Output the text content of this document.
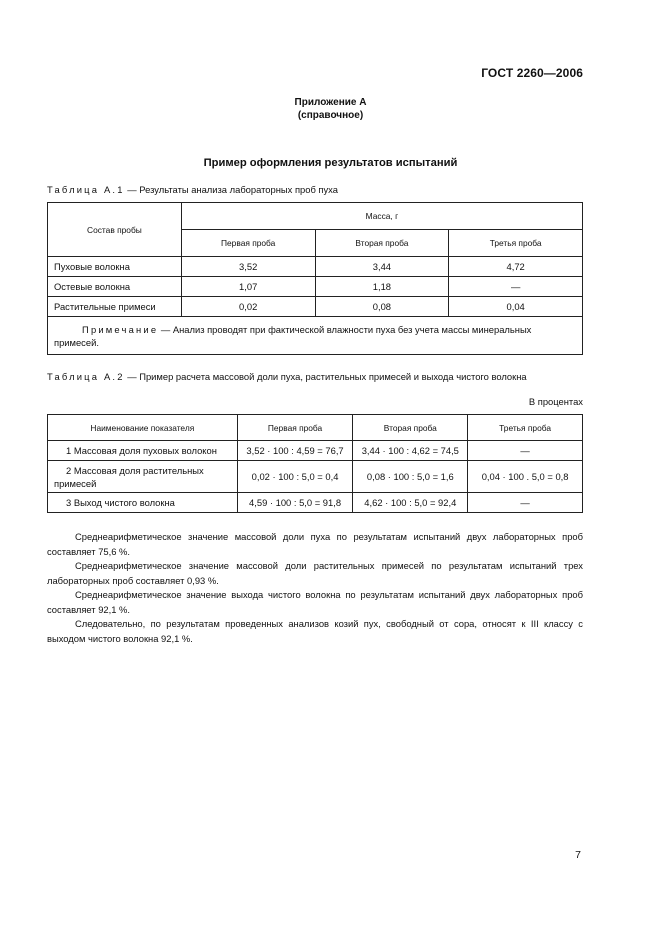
ГОСТ 2260—2006
Приложение А
(справочное)
Пример оформления результатов испытаний
Таблица А.1 — Результаты анализа лабораторных проб пуха
Состав пробы	Масса, г		
	Первая проба	Вторая проба	Третья проба
Пуховые волокна	3,52	3,44	4,72
Остевые волокна	1,07	1,18	—
Растительные примеси	0,02	0,08	0,04
Примечание — Анализ проводят при фактической влажности пуха без учета массы минеральных примесей.			
Таблица А.2 — Пример расчета массовой доли пуха, растительных примесей и выхода чистого волокна
В процентах
Наименование показателя	Первая проба	Вторая проба	Третья проба
1 Массовая доля пуховых волокон	3,52 · 100 : 4,59 = 76,7	3,44 · 100 : 4,62 = 74,5	—
2 Массовая доля растительных примесей	0,02 · 100 : 5,0 = 0,4	0,08 · 100 : 5,0 = 1,6	0,04 · 100 . 5,0 = 0,8
3 Выход чистого волокна	4,59 · 100 : 5,0 = 91,8	4,62 · 100 : 5,0 = 92,4	—

Среднеарифметическое значение массовой доли пуха по результатам испытаний двух лабораторных проб составляет 75,6 %.

Среднеарифметическое значение массовой доли растительных примесей по результатам испытаний трех лабораторных проб составляет 0,93 %.

Среднеарифметическое значение выхода чистого волокна по результатам испытаний двух лабораторных проб составляет 92,1 %.

Следовательно, по результатам проведенных анализов козий пух, свободный от сора, относят к III классу с выходом чистого волокна 92,1 %.

7
